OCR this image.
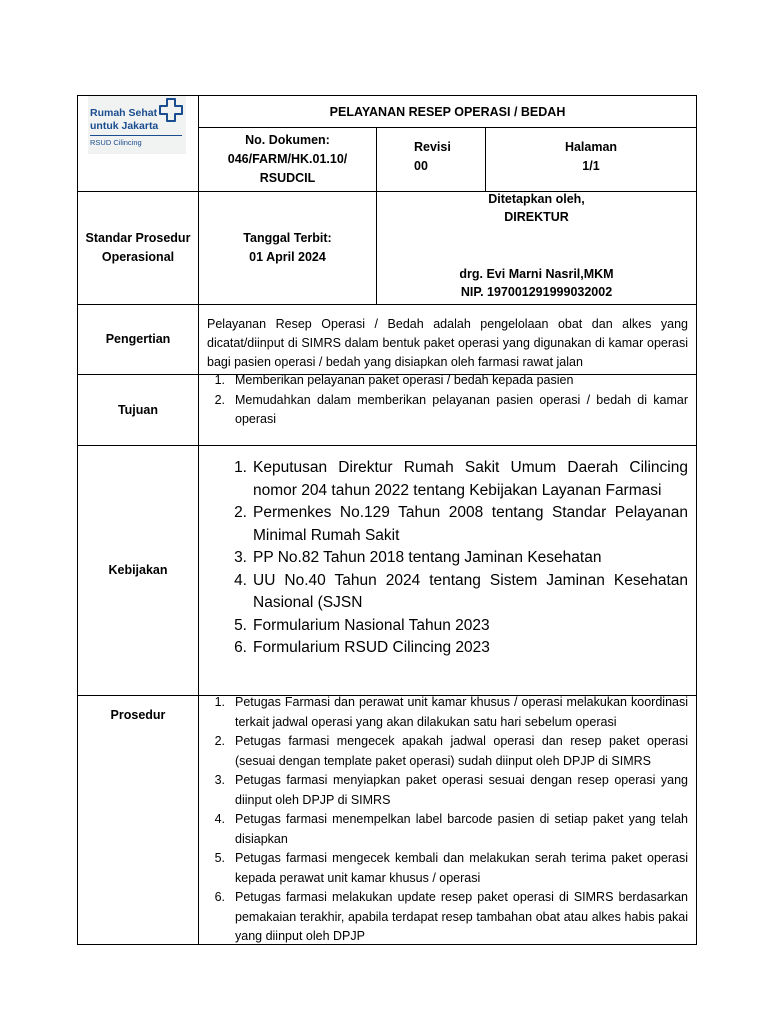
Rumah Sehat
untuk Jakarta
RSUD Cilincing
PELAYANAN RESEP OPERASI / BEDAH
No. Dokumen:
046/FARM/HK.01.10/
RSUDCIL
Revisi
00
Halaman
1/1
Standar Prosedur
Operasional
Tanggal Terbit:
01 April 2024
Ditetapkan oleh,
DIREKTUR
drg. Evi Marni Nasril,MKM
NIP. 197001291999032002
Pengertian
Pelayanan Resep Operasi / Bedah adalah pengelolaan obat dan alkes yang dicatat/diinput di SIMRS dalam bentuk paket operasi yang digunakan di kamar operasi bagi pasien operasi / bedah yang disiapkan oleh farmasi rawat jalan
Tujuan
1. Memberikan pelayanan paket operasi / bedah kepada pasien
2. Memudahkan dalam memberikan pelayanan pasien operasi / bedah di kamar operasi
Kebijakan
1. Keputusan Direktur Rumah Sakit Umum Daerah Cilincing nomor 204 tahun 2022 tentang Kebijakan Layanan Farmasi
2. Permenkes No.129 Tahun 2008 tentang Standar Pelayanan Minimal Rumah Sakit
3. PP No.82 Tahun 2018 tentang Jaminan Kesehatan
4. UU No.40 Tahun 2024 tentang Sistem Jaminan Kesehatan Nasional (SJSN
5. Formularium Nasional Tahun 2023
6. Formularium RSUD Cilincing 2023
Prosedur
1. Petugas Farmasi dan perawat unit kamar khusus / operasi melakukan koordinasi terkait jadwal operasi yang akan dilakukan satu hari sebelum operasi
2. Petugas farmasi mengecek apakah jadwal operasi dan resep paket operasi (sesuai dengan template paket operasi) sudah diinput oleh DPJP di SIMRS
3. Petugas farmasi menyiapkan paket operasi sesuai dengan resep operasi yang diinput oleh DPJP di SIMRS
4. Petugas farmasi menempelkan label barcode pasien di setiap paket yang telah disiapkan
5. Petugas farmasi mengecek kembali dan melakukan serah terima paket operasi kepada perawat unit kamar khusus / operasi
6. Petugas farmasi melakukan update resep paket operasi di SIMRS berdasarkan pemakaian terakhir, apabila terdapat resep tambahan obat atau alkes habis pakai yang diinput oleh DPJP
